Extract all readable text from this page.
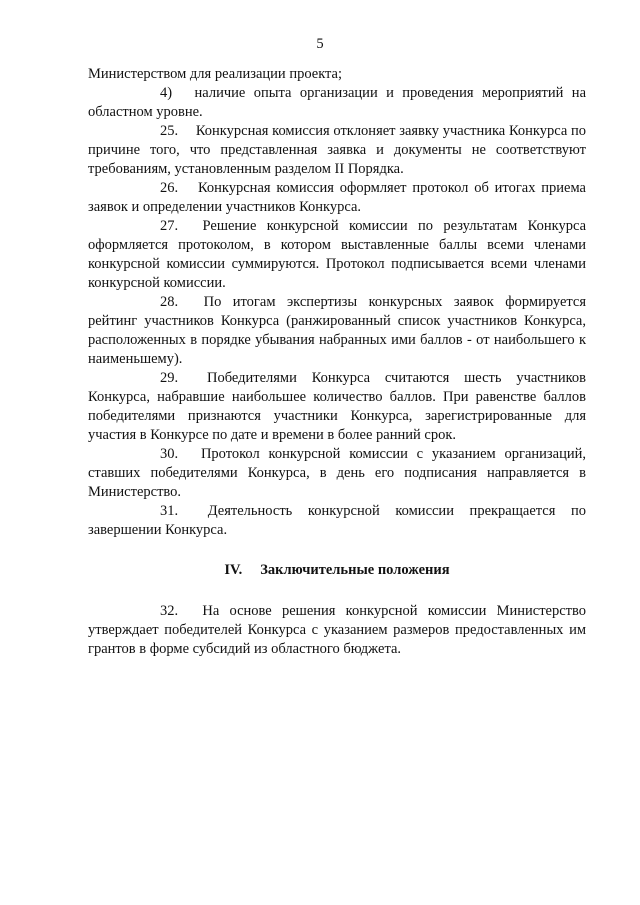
5

Министерством для реализации проекта;

4) наличие опыта организации и проведения мероприятий на областном уровне.

25. Конкурсная комиссия отклоняет заявку участника Конкурса по причине того, что представленная заявка и документы не соответствуют требованиям, установленным разделом II Порядка.

26. Конкурсная комиссия оформляет протокол об итогах приема заявок и определении участников Конкурса.

27. Решение конкурсной комиссии по результатам Конкурса оформляется протоколом, в котором выставленные баллы всеми членами конкурсной комиссии суммируются. Протокол подписывается всеми членами конкурсной комиссии.

28. По итогам экспертизы конкурсных заявок формируется рейтинг участников Конкурса (ранжированный список участников Конкурса, расположенных в порядке убывания набранных ими баллов - от наибольшего к наименьшему).

29. Победителями Конкурса считаются шесть участников Конкурса, набравшие наибольшее количество баллов. При равенстве баллов победителями признаются участники Конкурса, зарегистрированные для участия в Конкурсе по дате и времени в более ранний срок.

30. Протокол конкурсной комиссии с указанием организаций, ставших победителями Конкурса, в день его подписания направляется в Министерство.

31. Деятельность конкурсной комиссии прекращается по завершении Конкурса.

IV. Заключительные положения

32. На основе решения конкурсной комиссии Министерство утверждает победителей Конкурса с указанием размеров предоставленных им грантов в форме субсидий из областного бюджета.
